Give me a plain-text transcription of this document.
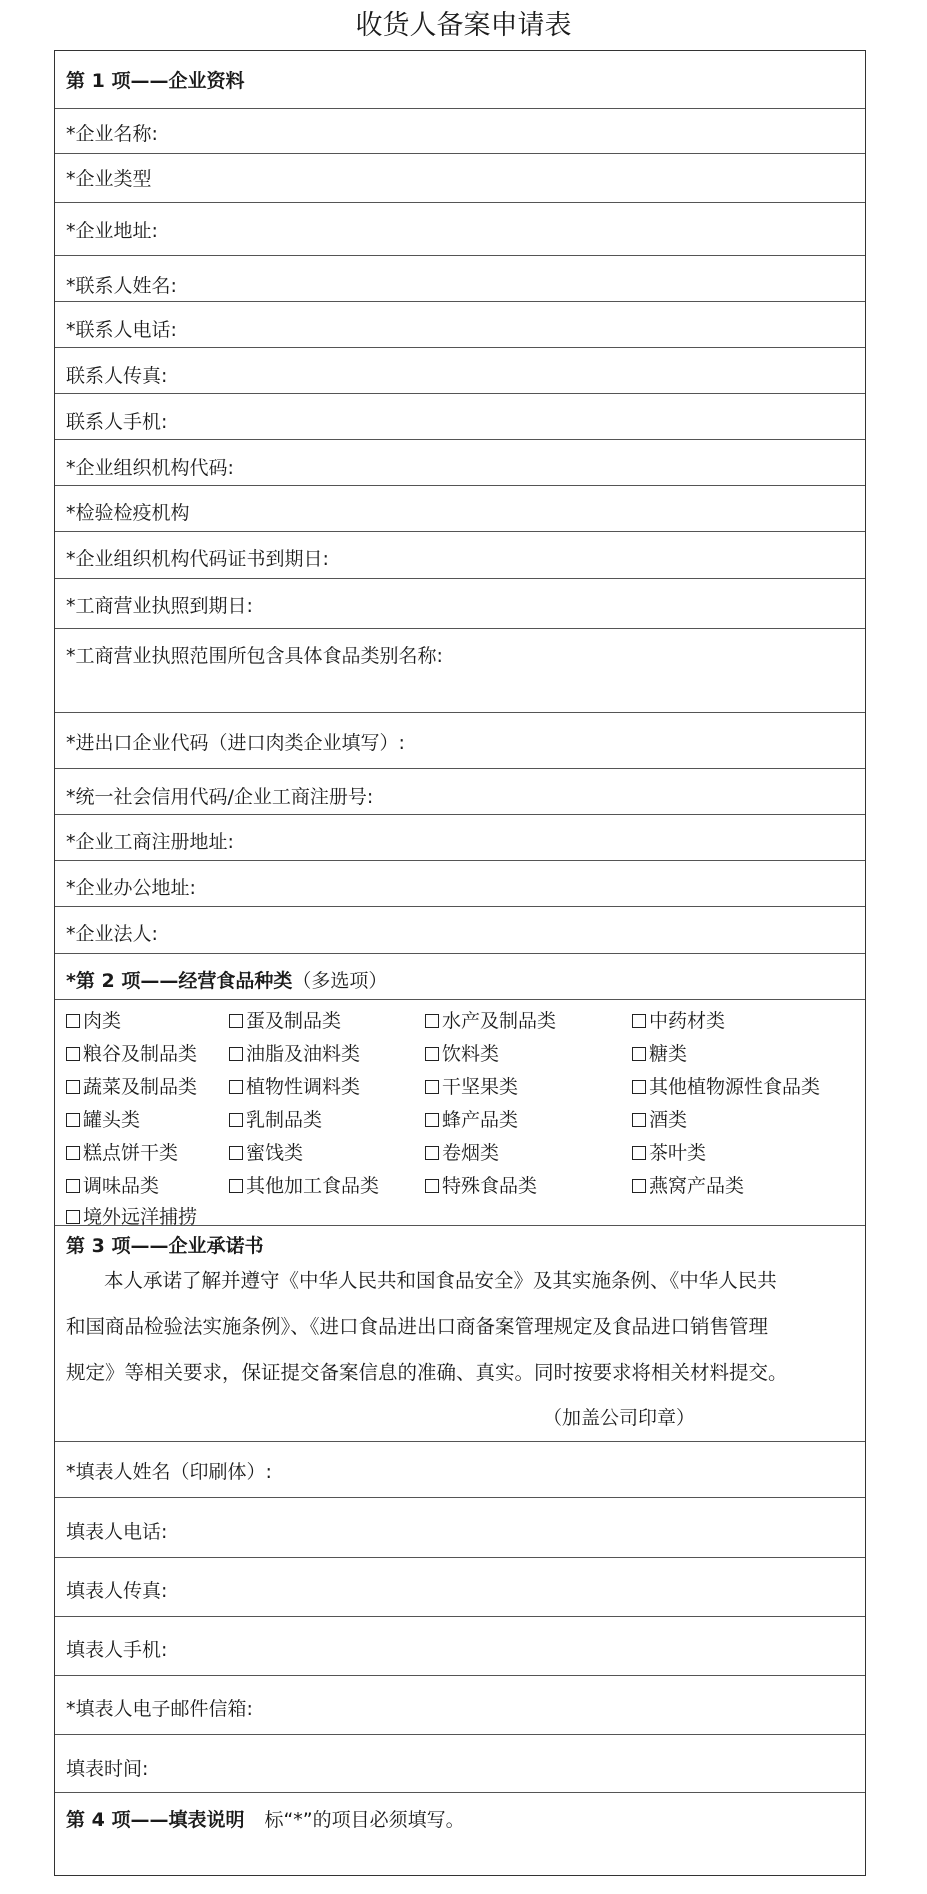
收货人备案申请表
第 1 项——企业资料
*企业名称:
*企业类型
*企业地址:
*联系人姓名:
*联系人电话:
联系人传真:
联系人手机:
*企业组织机构代码:
*检验检疫机构
*企业组织机构代码证书到期日:
*工商营业执照到期日:
*工商营业执照范围所包含具体食品类别名称:
*进出口企业代码（进口肉类企业填写）:
*统一社会信用代码/企业工商注册号:
*企业工商注册地址:
*企业办公地址:
*企业法人:
*第 2 项——经营食品种类（多选项）
肉类	蛋及制品类	水产及制品类	中药材类
粮谷及制品类	油脂及油料类	饮料类	糖类
蔬菜及制品类	植物性调料类	干坚果类	其他植物源性食品类
罐头类	乳制品类	蜂产品类	酒类
糕点饼干类	蜜饯类	卷烟类	茶叶类
调味品类	其他加工食品类	特殊食品类	燕窝产品类
境外远洋捕捞
第 3 项——企业承诺书
本人承诺了解并遵守《中华人民共和国食品安全》及其实施条例、《中华人民共
和国商品检验法实施条例》、《进口食品进出口商备案管理规定及食品进口销售管理
规定》等相关要求，保证提交备案信息的准确、真实。同时按要求将相关材料提交。
（加盖公司印章）
*填表人姓名（印刷体）:
填表人电话:
填表人传真:
填表人手机:
*填表人电子邮件信箱:
填表时间:
第 4 项——填表说明 标“*”的项目必须填写。
